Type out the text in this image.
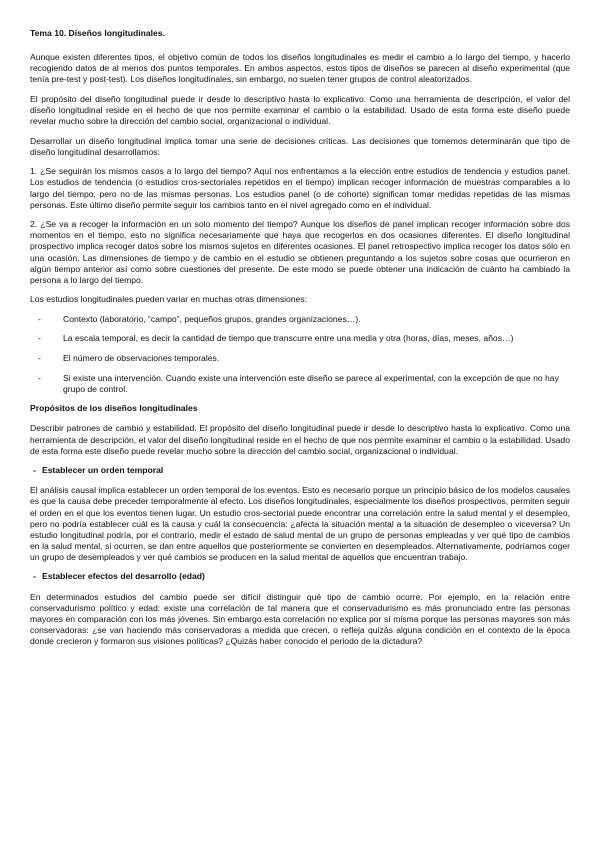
Tema 10. Diseños longitudinales.

Aunque existen diferentes tipos, el objetivo común de todos los diseños longitudinales es medir el cambio a lo largo del tiempo, y hacerlo recogiendo datos de al menos dos puntos temporales. En ambos aspectos, estos tipos de diseños se parecen al diseño experimental (que tenía pre-test y post-test). Los diseños longitudinales, sin embargo, no suelen tener grupos de control aleatorizados.

El propósito del diseño longitudinal puede ir desde lo descriptivo hasta lo explicativo. Como una herramienta de descripción, el valor del diseño longitudinal reside en el hecho de que nos permite examinar el cambio o la estabilidad. Usado de esta forma este diseño puede revelar mucho sobre la dirección del cambio social, organizacional o individual.

Desarrollar un diseño longitudinal implica tomar una serie de decisiones críticas. Las decisiones que tomemos determinarán que tipo de diseño longitudinal desarrollamos:

1. ¿Se seguirán los mismos casos a lo largo del tiempo? Aquí nos enfrentamos a la elección entre estudios de tendencia y estudios panel. Los estudios de tendencia (o estudios cros-sectoriales repetidos en el tiempo) implican recoger información de muestras comparables a lo largo del tiempo, pero no de las mismas personas. Los estudios panel (o de cohorte) significan tomar medidas repetidas de las mismas personas. Este último diseño permite seguir los cambios tanto en el nivel agregado como en el individual.

2. ¿Se va a recoger la información en un solo momento del tiempo? Aunque los diseños de panel implican recoger información sobre dos momentos en el tiempo, esto no significa necesariamente que haya que recogerlos en dos ocasiones diferentes. El diseño longitudinal prospectivo implica recoger datos sobre los mismos sujetos en diferentes ocasiones. El panel retrospectivo implica recoger los datos sólo en una ocasión. Las dimensiones de tiempo y de cambio en el estudio se obtienen preguntando a los sujetos sobre cosas que ocurrieron en algún tiempo anterior así como sobre cuestiones del presente. De este modo se puede obtener una indicación de cuánto ha cambiado la persona a lo largo del tiempo.

Los estudios longitudinales pueden variar en muchas otras dimensiones:

-	Contexto (laboratorio, “campo”, pequeños grupos, grandes organizaciones…).
-	La escala temporal, es decir la cantidad de tiempo que transcurre entre una media y otra (horas, días, meses, años…)
-	El número de observaciones temporales.
-	Si existe una intervención. Cuando existe una intervención este diseño se parece al experimental, con la excepción de que no hay grupo de control.

Propósitos de los diseños longitudinales

Describir patrones de cambio y estabilidad. El propósito del diseño longitudinal puede ir desde lo descriptivo hasta lo explicativo. Como una herramienta de descripción, el valor del diseño longitudinal reside en el hecho de que nos permite examinar el cambio o la estabilidad. Usado de esta forma este diseño puede revelar mucho sobre la dirección del cambio social, organizacional o individual.

- Establecer un orden temporal

El análisis causal implica establecer un orden temporal de los eventos. Esto es necesario porque un principio básico de los modelos causales es que la causa debe preceder temporalmente al efecto. Los diseños longitudinales, especialmente los diseños prospectivos, permiten seguir el orden en el que los eventos tienen lugar. Un estudio cros-sectorial puede encontrar una correlación entre la salud mental y el desempleo, pero no podría establecer cuál es la causa y cuál la consecuencia: ¿afecta la situación mental a la situación de desempleo o viceversa? Un estudio longitudinal podría, por el contrario, medir el estado de salud mental de un grupo de personas empleadas y ver qué tipo de cambios en la salud mental, si ocurren, se dan entre aquellos que posteriormente se convierten en desempleados. Alternativamente, podríamos coger un grupo de desempleados y ver qué cambios se producen en la salud mental de aquellos que encuentran trabajo.

- Establecer efectos del desarrollo (edad)

En determinados estudios del cambio puede ser difícil distinguir qué tipo de cambio ocurre. Por ejemplo, en la relación entre conservadurismo político y edad: existe una correlación de tal manera que el conservadurismo es más pronunciado entre las personas mayores en comparación con los más jóvenes. Sin embargo esta correlación no explica por sí misma porque las personas mayores son más conservadoras: ¿se van haciendo más conservadoras a medida que crecen, o refleja quizás alguna condición en el contexto de la época donde crecieron y formaron sus visiones políticas? ¿Quizás haber conocido el periodo de la dictadura?
